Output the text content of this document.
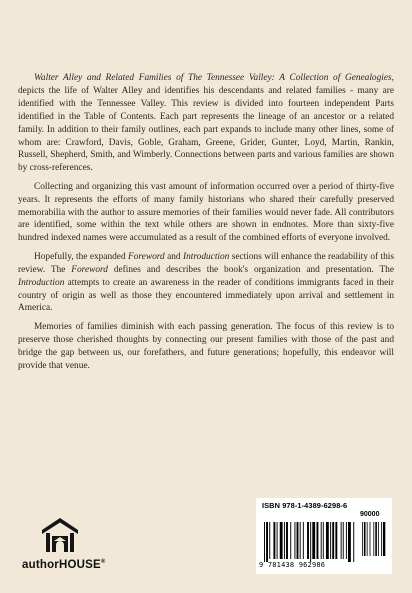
Walter Alley and Related Families of The Tennessee Valley: A Collection of Genealogies, depicts the life of Walter Alley and identifies his descendants and related families - many are identified with the Tennessee Valley. This review is divided into fourteen independent Parts identified in the Table of Contents. Each part represents the lineage of an ancestor or a related family. In addition to their family outlines, each part expands to include many other lines, some of whom are: Crawford, Davis, Goble, Graham, Greene, Grider, Gunter, Loyd, Martin, Rankin, Russell, Shepherd, Smith, and Wimberly. Connections between parts and various families are shown by cross-references.

Collecting and organizing this vast amount of information occurred over a period of thirty-five years. It represents the efforts of many family historians who shared their carefully preserved memorabilia with the author to assure memories of their families would never fade. All contributors are identified, some within the text while others are shown in endnotes. More than sixty-five hundred indexed names were accumulated as a result of the combined efforts of everyone involved.

Hopefully, the expanded Foreword and Introduction sections will enhance the readability of this review. The Foreword defines and describes the book's organization and presentation. The Introduction attempts to create an awareness in the reader of conditions immigrants faced in their country of origin as well as those they encountered immediately upon arrival and settlement in America.

Memories of families diminish with each passing generation. The focus of this review is to preserve those cherished thoughts by connecting our present families with those of the past and bridge the gap between us, our forefathers, and future generations; hopefully, this endeavor will provide that venue.

authorHOUSE®
ISBN 978-1-4389-6298-6
90000
9 781438 962986
